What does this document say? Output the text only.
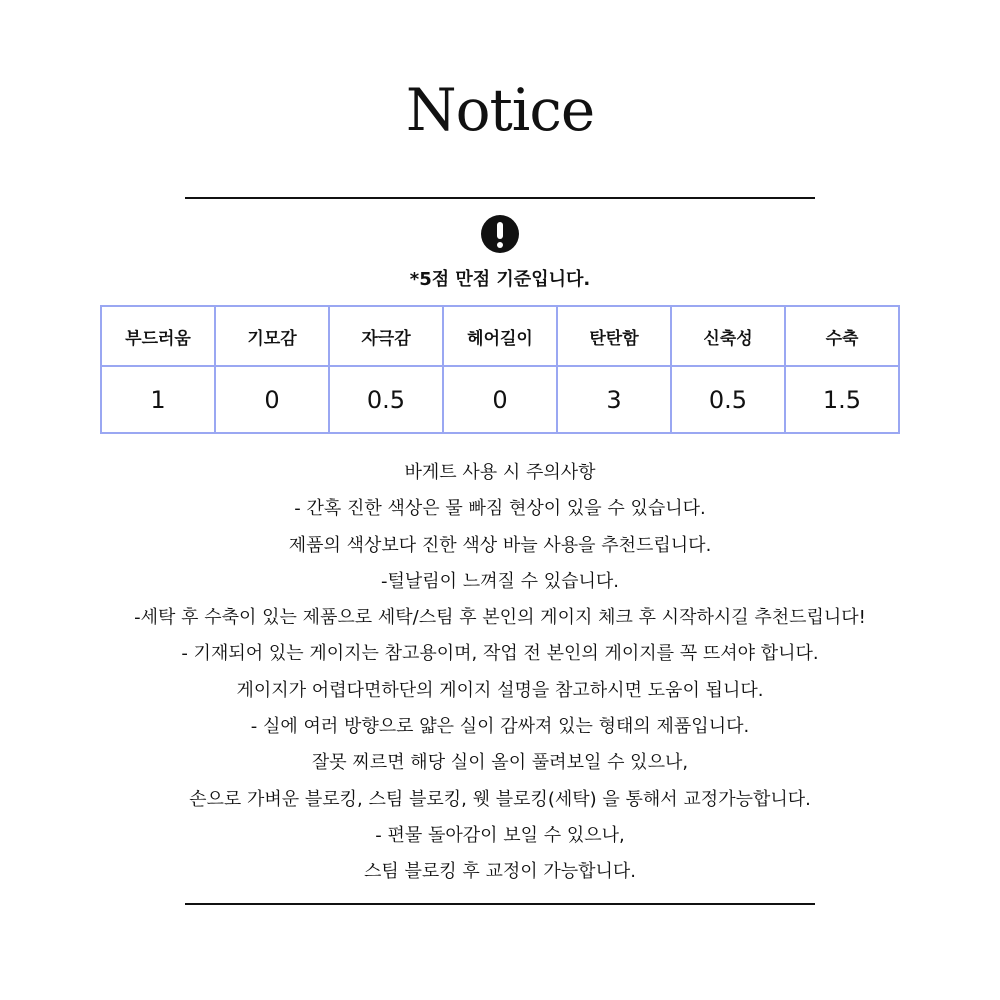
Notice
*5점 만점 기준입니다.
부드러움	기모감	자극감	헤어길이	탄탄함	신축성	수축
1	0	0.5	0	3	0.5	1.5
바게트 사용 시 주의사항
- 간혹 진한 색상은 물 빠짐 현상이 있을 수 있습니다.
제품의 색상보다 진한 색상 바늘 사용을 추천드립니다.
-털날림이 느껴질 수 있습니다.
-세탁 후 수축이 있는 제품으로 세탁/스팀 후 본인의 게이지 체크 후 시작하시길 추천드립니다!
- 기재되어 있는 게이지는 참고용이며, 작업 전 본인의 게이지를 꼭 뜨셔야 합니다.
게이지가 어렵다면하단의 게이지 설명을 참고하시면 도움이 됩니다.
- 실에 여러 방향으로 얇은 실이 감싸져 있는 형태의 제품입니다.
잘못 찌르면 해당 실이 올이 풀려보일 수 있으나,
손으로 가벼운 블로킹, 스팀 블로킹, 웻 블로킹(세탁) 을 통해서 교정가능합니다.
- 편물 돌아감이 보일 수 있으나,
스팀 블로킹 후 교정이 가능합니다.
